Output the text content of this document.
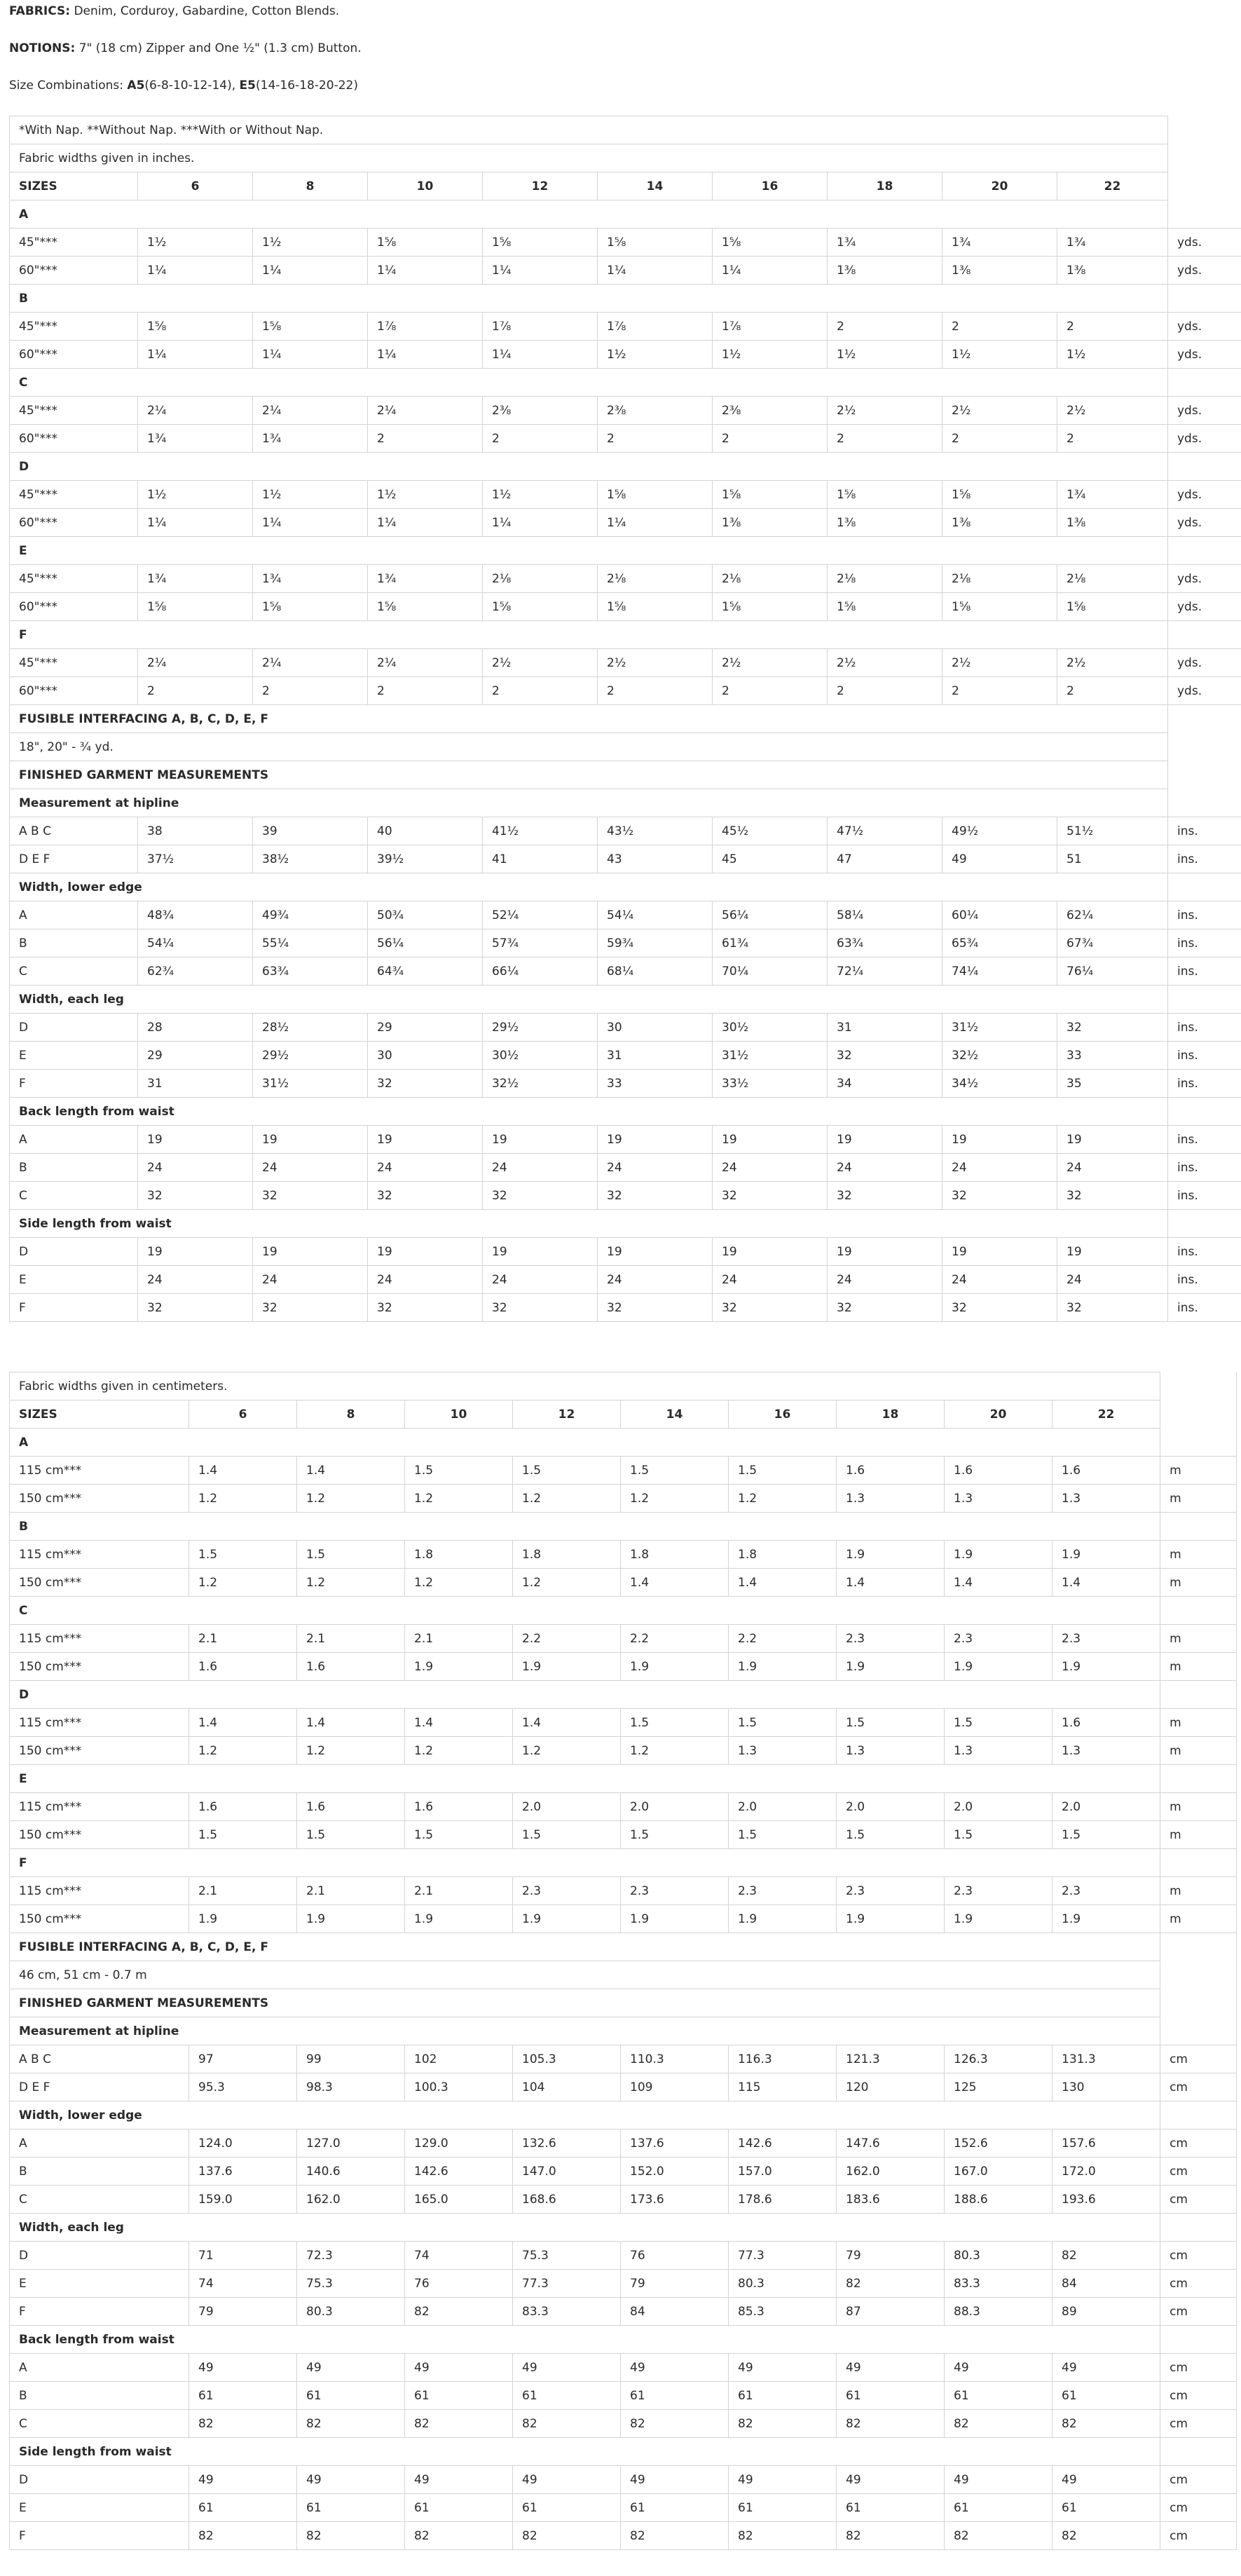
FABRICS: Denim, Corduroy, Gabardine, Cotton Blends.

NOTIONS: 7" (18 cm) Zipper and One ½" (1.3 cm) Button.

Size Combinations: A5(6-8-10-12-14), E5(14-16-18-20-22)

*With Nap. **Without Nap. ***With or Without Nap.										
Fabric widths given in inches.										
SIZES	6	8	10	12	14	16	18	20	22	
A										
45"***	1½	1½	1⅝	1⅝	1⅝	1⅝	1¾	1¾	1¾	yds.
60"***	1¼	1¼	1¼	1¼	1¼	1¼	1⅜	1⅜	1⅜	yds.
B										
45"***	1⅝	1⅝	1⅞	1⅞	1⅞	1⅞	2	2	2	yds.
60"***	1¼	1¼	1¼	1¼	1½	1½	1½	1½	1½	yds.
C										
45"***	2¼	2¼	2¼	2⅜	2⅜	2⅜	2½	2½	2½	yds.
60"***	1¾	1¾	2	2	2	2	2	2	2	yds.
D										
45"***	1½	1½	1½	1½	1⅝	1⅝	1⅝	1⅝	1¾	yds.
60"***	1¼	1¼	1¼	1¼	1¼	1⅜	1⅜	1⅜	1⅜	yds.
E										
45"***	1¾	1¾	1¾	2⅛	2⅛	2⅛	2⅛	2⅛	2⅛	yds.
60"***	1⅝	1⅝	1⅝	1⅝	1⅝	1⅝	1⅝	1⅝	1⅝	yds.
F										
45"***	2¼	2¼	2¼	2½	2½	2½	2½	2½	2½	yds.
60"***	2	2	2	2	2	2	2	2	2	yds.
FUSIBLE INTERFACING A, B, C, D, E, F										
18", 20" - ¾ yd.										
FINISHED GARMENT MEASUREMENTS										
Measurement at hipline										
A B C	38	39	40	41½	43½	45½	47½	49½	51½	ins.
D E F	37½	38½	39½	41	43	45	47	49	51	ins.
Width, lower edge										
A	48¾	49¾	50¾	52¼	54¼	56¼	58¼	60¼	62¼	ins.
B	54¼	55¼	56¼	57¾	59¾	61¾	63¾	65¾	67¾	ins.
C	62¾	63¾	64¾	66¼	68¼	70¼	72¼	74¼	76¼	ins.
Width, each leg										
D	28	28½	29	29½	30	30½	31	31½	32	ins.
E	29	29½	30	30½	31	31½	32	32½	33	ins.
F	31	31½	32	32½	33	33½	34	34½	35	ins.
Back length from waist										
A	19	19	19	19	19	19	19	19	19	ins.
B	24	24	24	24	24	24	24	24	24	ins.
C	32	32	32	32	32	32	32	32	32	ins.
Side length from waist										
D	19	19	19	19	19	19	19	19	19	ins.
E	24	24	24	24	24	24	24	24	24	ins.
F	32	32	32	32	32	32	32	32	32	ins.
Fabric widths given in centimeters.										
SIZES	6	8	10	12	14	16	18	20	22	
A										
115 cm***	1.4	1.4	1.5	1.5	1.5	1.5	1.6	1.6	1.6	m
150 cm***	1.2	1.2	1.2	1.2	1.2	1.2	1.3	1.3	1.3	m
B										
115 cm***	1.5	1.5	1.8	1.8	1.8	1.8	1.9	1.9	1.9	m
150 cm***	1.2	1.2	1.2	1.2	1.4	1.4	1.4	1.4	1.4	m
C										
115 cm***	2.1	2.1	2.1	2.2	2.2	2.2	2.3	2.3	2.3	m
150 cm***	1.6	1.6	1.9	1.9	1.9	1.9	1.9	1.9	1.9	m
D										
115 cm***	1.4	1.4	1.4	1.4	1.5	1.5	1.5	1.5	1.6	m
150 cm***	1.2	1.2	1.2	1.2	1.2	1.3	1.3	1.3	1.3	m
E										
115 cm***	1.6	1.6	1.6	2.0	2.0	2.0	2.0	2.0	2.0	m
150 cm***	1.5	1.5	1.5	1.5	1.5	1.5	1.5	1.5	1.5	m
F										
115 cm***	2.1	2.1	2.1	2.3	2.3	2.3	2.3	2.3	2.3	m
150 cm***	1.9	1.9	1.9	1.9	1.9	1.9	1.9	1.9	1.9	m
FUSIBLE INTERFACING A, B, C, D, E, F										
46 cm, 51 cm - 0.7 m										
FINISHED GARMENT MEASUREMENTS										
Measurement at hipline										
A B C	97	99	102	105.3	110.3	116.3	121.3	126.3	131.3	cm
D E F	95.3	98.3	100.3	104	109	115	120	125	130	cm
Width, lower edge										
A	124.0	127.0	129.0	132.6	137.6	142.6	147.6	152.6	157.6	cm
B	137.6	140.6	142.6	147.0	152.0	157.0	162.0	167.0	172.0	cm
C	159.0	162.0	165.0	168.6	173.6	178.6	183.6	188.6	193.6	cm
Width, each leg										
D	71	72.3	74	75.3	76	77.3	79	80.3	82	cm
E	74	75.3	76	77.3	79	80.3	82	83.3	84	cm
F	79	80.3	82	83.3	84	85.3	87	88.3	89	cm
Back length from waist										
A	49	49	49	49	49	49	49	49	49	cm
B	61	61	61	61	61	61	61	61	61	cm
C	82	82	82	82	82	82	82	82	82	cm
Side length from waist										
D	49	49	49	49	49	49	49	49	49	cm
E	61	61	61	61	61	61	61	61	61	cm
F	82	82	82	82	82	82	82	82	82	cm
